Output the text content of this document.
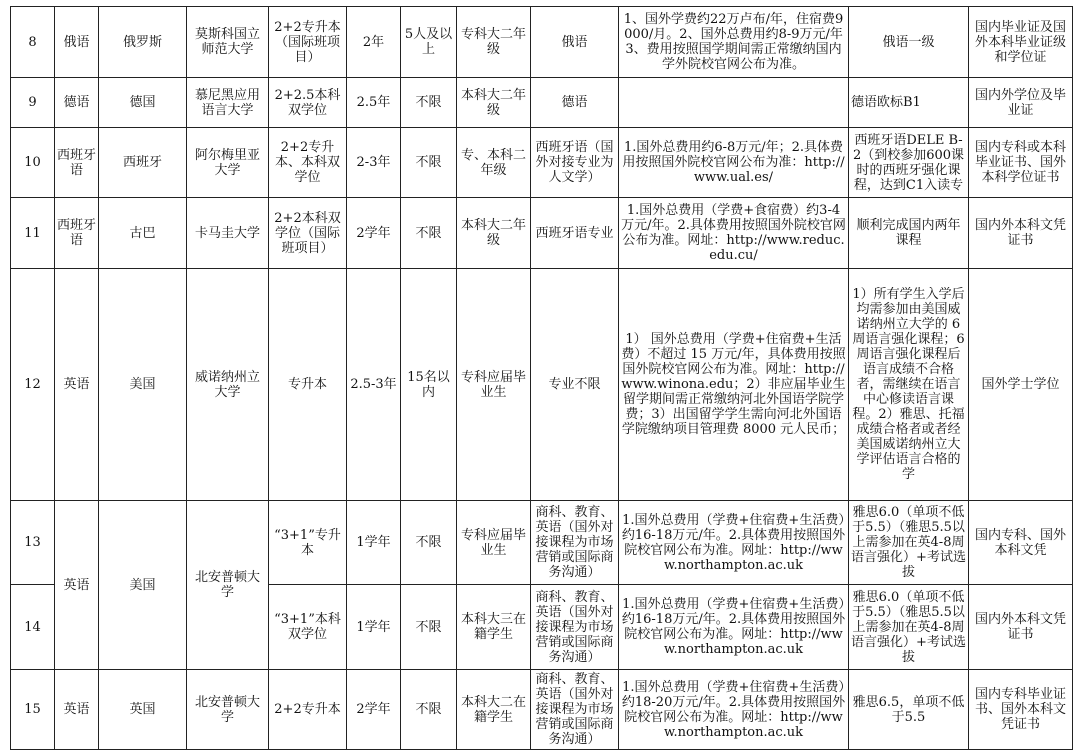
8	俄语	俄罗斯	莫斯科国立师范大学	2+2专升本（国际班项目）	2年	5人及以上	专科大二年级	俄语	1、国外学费约22万卢布/年，住宿费9000/月。2、国外总费用约8-9万元/年3、费用按照国学期间需正常缴纳国内学外院校官网公布为准。	俄语一级	国内毕业证及国外本科毕业证级和学位证
9	德语	德国	慕尼黑应用语言大学	2+2.5本科双学位	2.5年	不限	本科大二年级	德语		德语欧标B1	国内外学位及毕业证
10	西班牙语	西班牙	阿尔梅里亚大学	2+2专升本、本科双学位	2-3年	不限	专、本科二年级	西班牙语（国外对接专业为人文学）	1.国外总费用约6-8万元/年；2.具体费用按照国外院校官网公布为准：http://www.ual.es/	西班牙语DELE B-2（到校参加600课时的西班牙强化课程，达到C1入读专	国内专科或本科毕业证书、国外本科学位证书
11	西班牙语	古巴	卡马圭大学	2+2本科双学位（国际班项目）	2学年	不限	本科大二年级	西班牙语专业	1.国外总费用（学费+食宿费）约3-4万元/年。2.具体费用按照国外院校官网公布为准。网址：http://www.reduc.edu.cu/	顺利完成国内两年课程	国内外本科文凭证书
12	英语	美国	威诺纳州立大学	专升本	2.5-3年	15名以内	专科应届毕业生	专业不限	1） 国外总费用（学费+住宿费+生活费）不超过 15 万元/年，具体费用按照国外院校官网公布为准。网址：http://www.winona.edu；2）非应届毕业生留学期间需正常缴纳河北外国语学院学费；3）出国留学学生需向河北外国语学院缴纳项目管理费 8000 元人民币；	1）所有学生入学后均需参加由美国威诺纳州立大学的 6 周语言强化课程；6 周语言强化课程后语言成绩不合格者，需继续在语言中心修读语言课程。2）雅思、托福成绩合格者或者经美国威诺纳州立大学评估语言合格的学	国外学士学位
13	英语	美国	北安普顿大学	“3+1”专升本	1学年	不限	专科应届毕业生	商科、教育、英语（国外对接课程为市场营销或国际商务沟通）	1.国外总费用（学费+住宿费+生活费）约16-18万元/年。2.具体费用按照国外院校官网公布为准。网址：http://www.northampton.ac.uk	雅思6.0（单项不低于5.5）（雅思5.5以上需参加在英4-8周语言强化）+考试选拔	国内专科、国外本科文凭
14				“3+1”本科双学位	1学年	不限	本科大三在籍学生	商科、教育、英语（国外对接课程为市场营销或国际商务沟通）	1.国外总费用（学费+住宿费+生活费）约16-18万元/年。2.具体费用按照国外院校官网公布为准。网址：http://www.northampton.ac.uk	雅思6.0（单项不低于5.5）（雅思5.5以上需参加在英4-8周语言强化）+考试选拔	国内外本科文凭证书
15	英语	英国	北安普顿大学	2+2专升本	2学年	不限	本科大二在籍学生	商科、教育、英语（国外对接课程为市场营销或国际商务沟通）	1.国外总费用（学费+住宿费+生活费）约18-20万元/年。2.具体费用按照国外院校官网公布为准。网址：http://www.northampton.ac.uk	雅思6.5，单项不低于5.5	国内专科毕业证书、国外本科文凭证书
